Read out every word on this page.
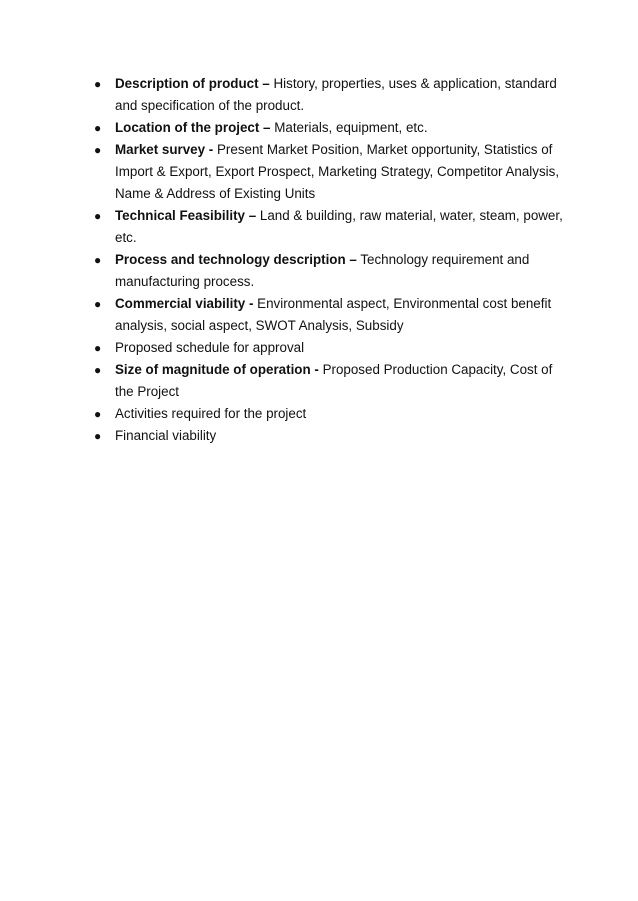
● Description of product – History, properties, uses & application, standard and specification of the product.
● Location of the project – Materials, equipment, etc.
● Market survey - Present Market Position, Market opportunity, Statistics of Import & Export, Export Prospect, Marketing Strategy, Competitor Analysis, Name & Address of Existing Units
● Technical Feasibility – Land & building, raw material, water, steam, power, etc.
● Process and technology description – Technology requirement and manufacturing process.
● Commercial viability - Environmental aspect, Environmental cost benefit analysis, social aspect, SWOT Analysis, Subsidy
● Proposed schedule for approval
● Size of magnitude of operation - Proposed Production Capacity, Cost of the Project
● Activities required for the project
● Financial viability
